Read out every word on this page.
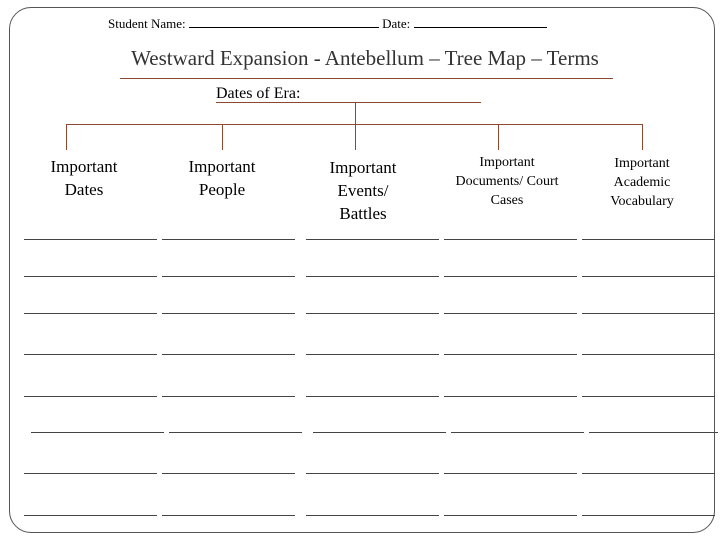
Student Name:	Date:
Westward Expansion - Antebellum – Tree Map – Terms
Dates of Era:
Important Dates
Important People
Important Events/ Battles
Important Documents/ Court Cases
Important Academic Vocabulary
